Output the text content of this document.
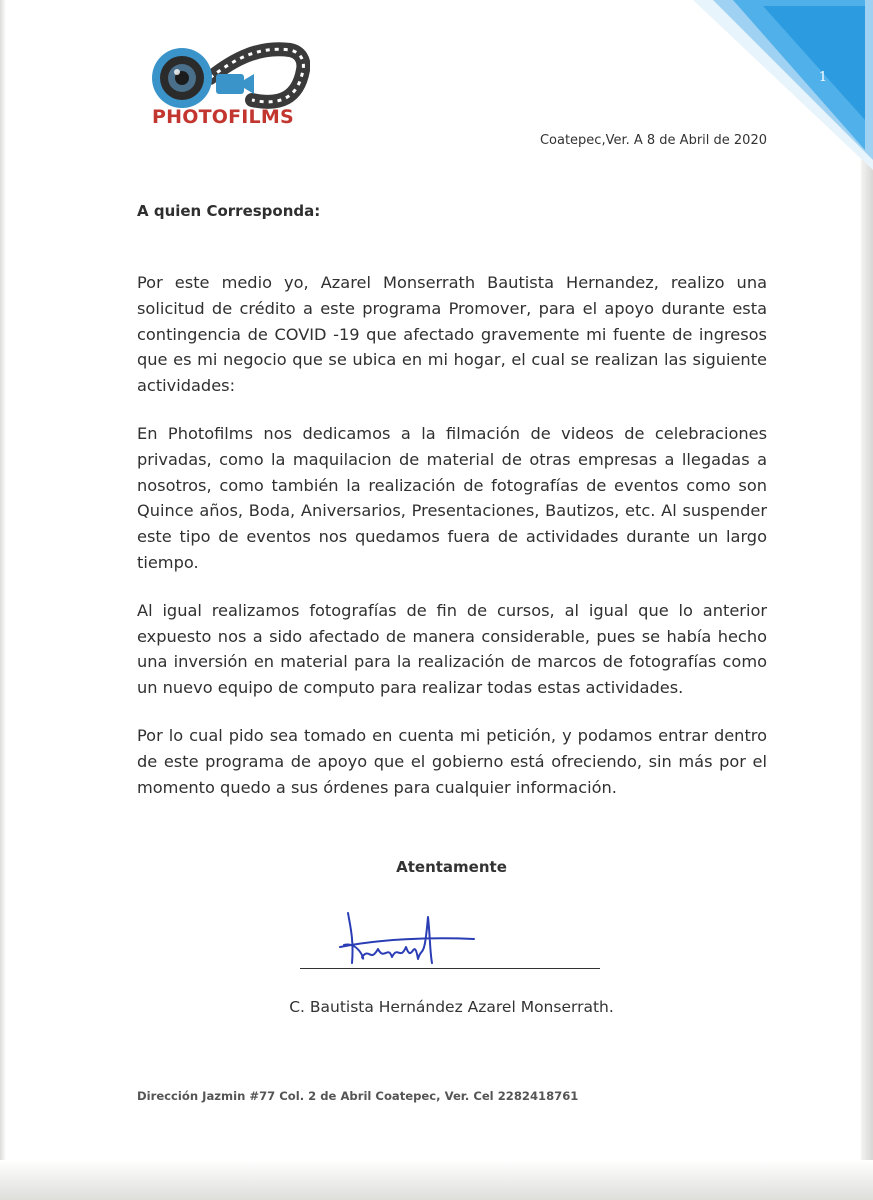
1
PHOTOFILMS
Coatepec,Ver. A 8 de Abril de 2020
A quien Corresponda:

Por este medio yo, Azarel Monserrath Bautista Hernandez, realizo una solicitud de crédito a este programa Promover, para el apoyo durante esta contingencia de COVID -19 que afectado gravemente mi fuente de ingresos que es mi negocio que se ubica en mi hogar, el cual se realizan las siguiente actividades:

En Photofilms nos dedicamos a la filmación de videos de celebraciones privadas, como la maquilacion de material de otras empresas a llegadas a nosotros, como también la realización de fotografías de eventos como son Quince años, Boda, Aniversarios, Presentaciones, Bautizos, etc. Al suspender este tipo de eventos nos quedamos fuera de actividades durante un largo tiempo.

Al igual realizamos fotografías de fin de cursos, al igual que lo anterior expuesto nos a sido afectado de manera considerable, pues se había hecho una inversión en material para la realización de marcos de fotografías como un nuevo equipo de computo para realizar todas estas actividades.

Por lo cual pido sea tomado en cuenta mi petición, y podamos entrar dentro de este programa de apoyo que el gobierno está ofreciendo, sin más por el momento quedo a sus órdenes para cualquier información.

Atentamente
C. Bautista Hernández Azarel Monserrath.
Dirección Jazmin #77 Col. 2 de Abril Coatepec, Ver. Cel 2282418761
